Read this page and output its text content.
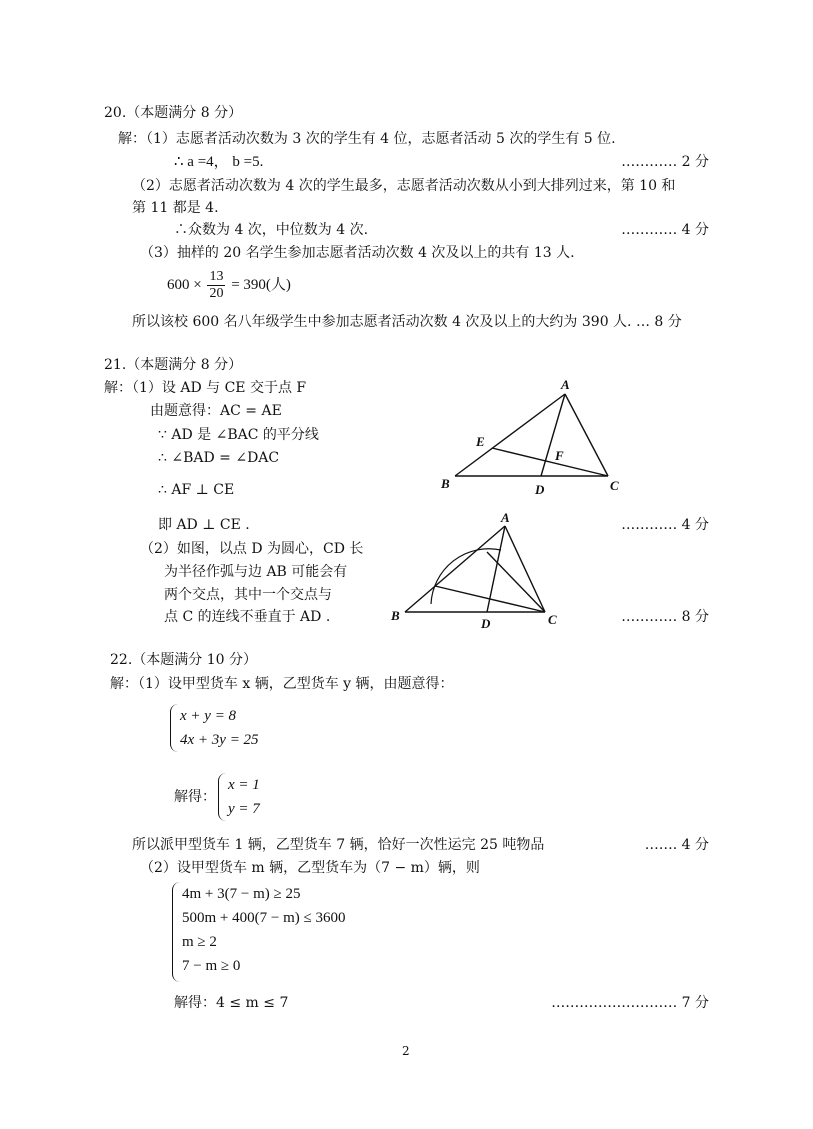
20.（本题满分 8 分）
解：（1）志愿者活动次数为 3 次的学生有 4 位，志愿者活动 5 次的学生有 5 位.
∴ a =4， b =5.	………… 2 分
（2）志愿者活动次数为 4 次的学生最多，志愿者活动次数从小到大排列过来，第 10 和
第 11 都是 4.
∴众数为 4 次，中位数为 4 次.	………… 4 分
（3）抽样的 20 名学生参加志愿者活动次数 4 次及以上的共有 13 人.
$600 \times \frac{13}{20} = 390$(人)
所以该校 600 名八年级学生中参加志愿者活动次数 4 次及以上的大约为 390 人. … 8 分
21.（本题满分 8 分）
解：（1）设 AD 与 CE 交于点 F
由题意得：AC = AE
∵ AD 是 ∠BAC 的平分线
∴ ∠BAD = ∠DAC
∴ AF ⊥ CE
即 AD ⊥ CE .	………… 4 分
（2）如图，以点 D 为圆心，CD 长
为半径作弧与边 AB 可能会有
两个交点，其中一个交点与
点 C 的连线不垂直于 AD .	………… 8 分
A
B	C
D
E
F
A
B	C
D
22.（本题满分 10 分）
解：（1）设甲型货车 x 辆，乙型货车 y 辆，由题意得：
x + y = 8
4x + 3y = 25
解得：
x = 1
y = 7
所以派甲型货车 1 辆，乙型货车 7 辆，恰好一次性运完 25 吨物品	……. 4 分
（2）设甲型货车 m 辆，乙型货车为（7 − m）辆，则
4m + 3(7 − m) ≥ 25
500m + 400(7 − m) ≤ 3600
m ≥ 2
7 − m ≥ 0
解得：4 ≤ m ≤ 7	……………………… 7 分
2
